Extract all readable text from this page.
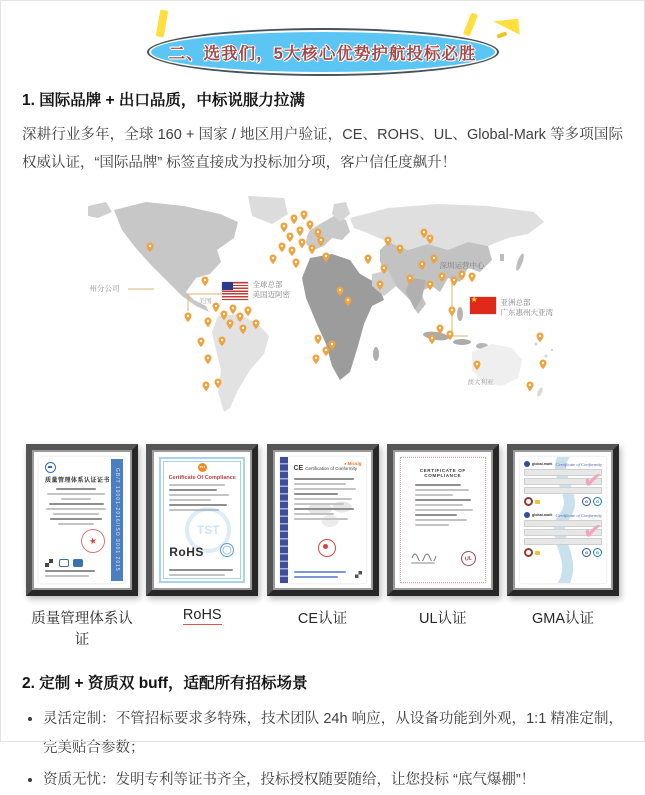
二、选我们，5大核心优势护航投标必胜
1. 国际品牌 + 出口品质，中标说服力拉满

深耕行业多年，全球 160 + 国家 / 地区用户验证，CE、ROHS、UL、Global-Mark 等多项国际权威认证，“国际品牌” 标签直接成为投标加分项，客户信任度飙升！

★
州分公司	全球总部
美国迈阿密
深圳运营中心
亚洲总部
广东惠州大亚湾
美国
澳大利亚
GB/T 19001-2016/ISO 9001:2015
质量管理体系认证证书
★
质量管理体系认证
TST
Certificate Of Compliance
TST
RoHS
RoHS
● Micsig
CE Certification of Conformity
CE认证
CERTIFICATE OF COMPLIANCE
UL
UL认证
global-mark Certificate of Conformity
✔
G	G
global-mark Certificate of Conformity
✔
G	G
GMA认证
2. 定制 + 资质双 buff，适配所有招标场景
• 灵活定制：不管招标要求多特殊，技术团队 24h 响应，从设备功能到外观，1:1 精准定制，完美贴合参数；
• 资质无忧：发明专利等证书齐全，投标授权随要随给，让您投标 “底气爆棚”！
